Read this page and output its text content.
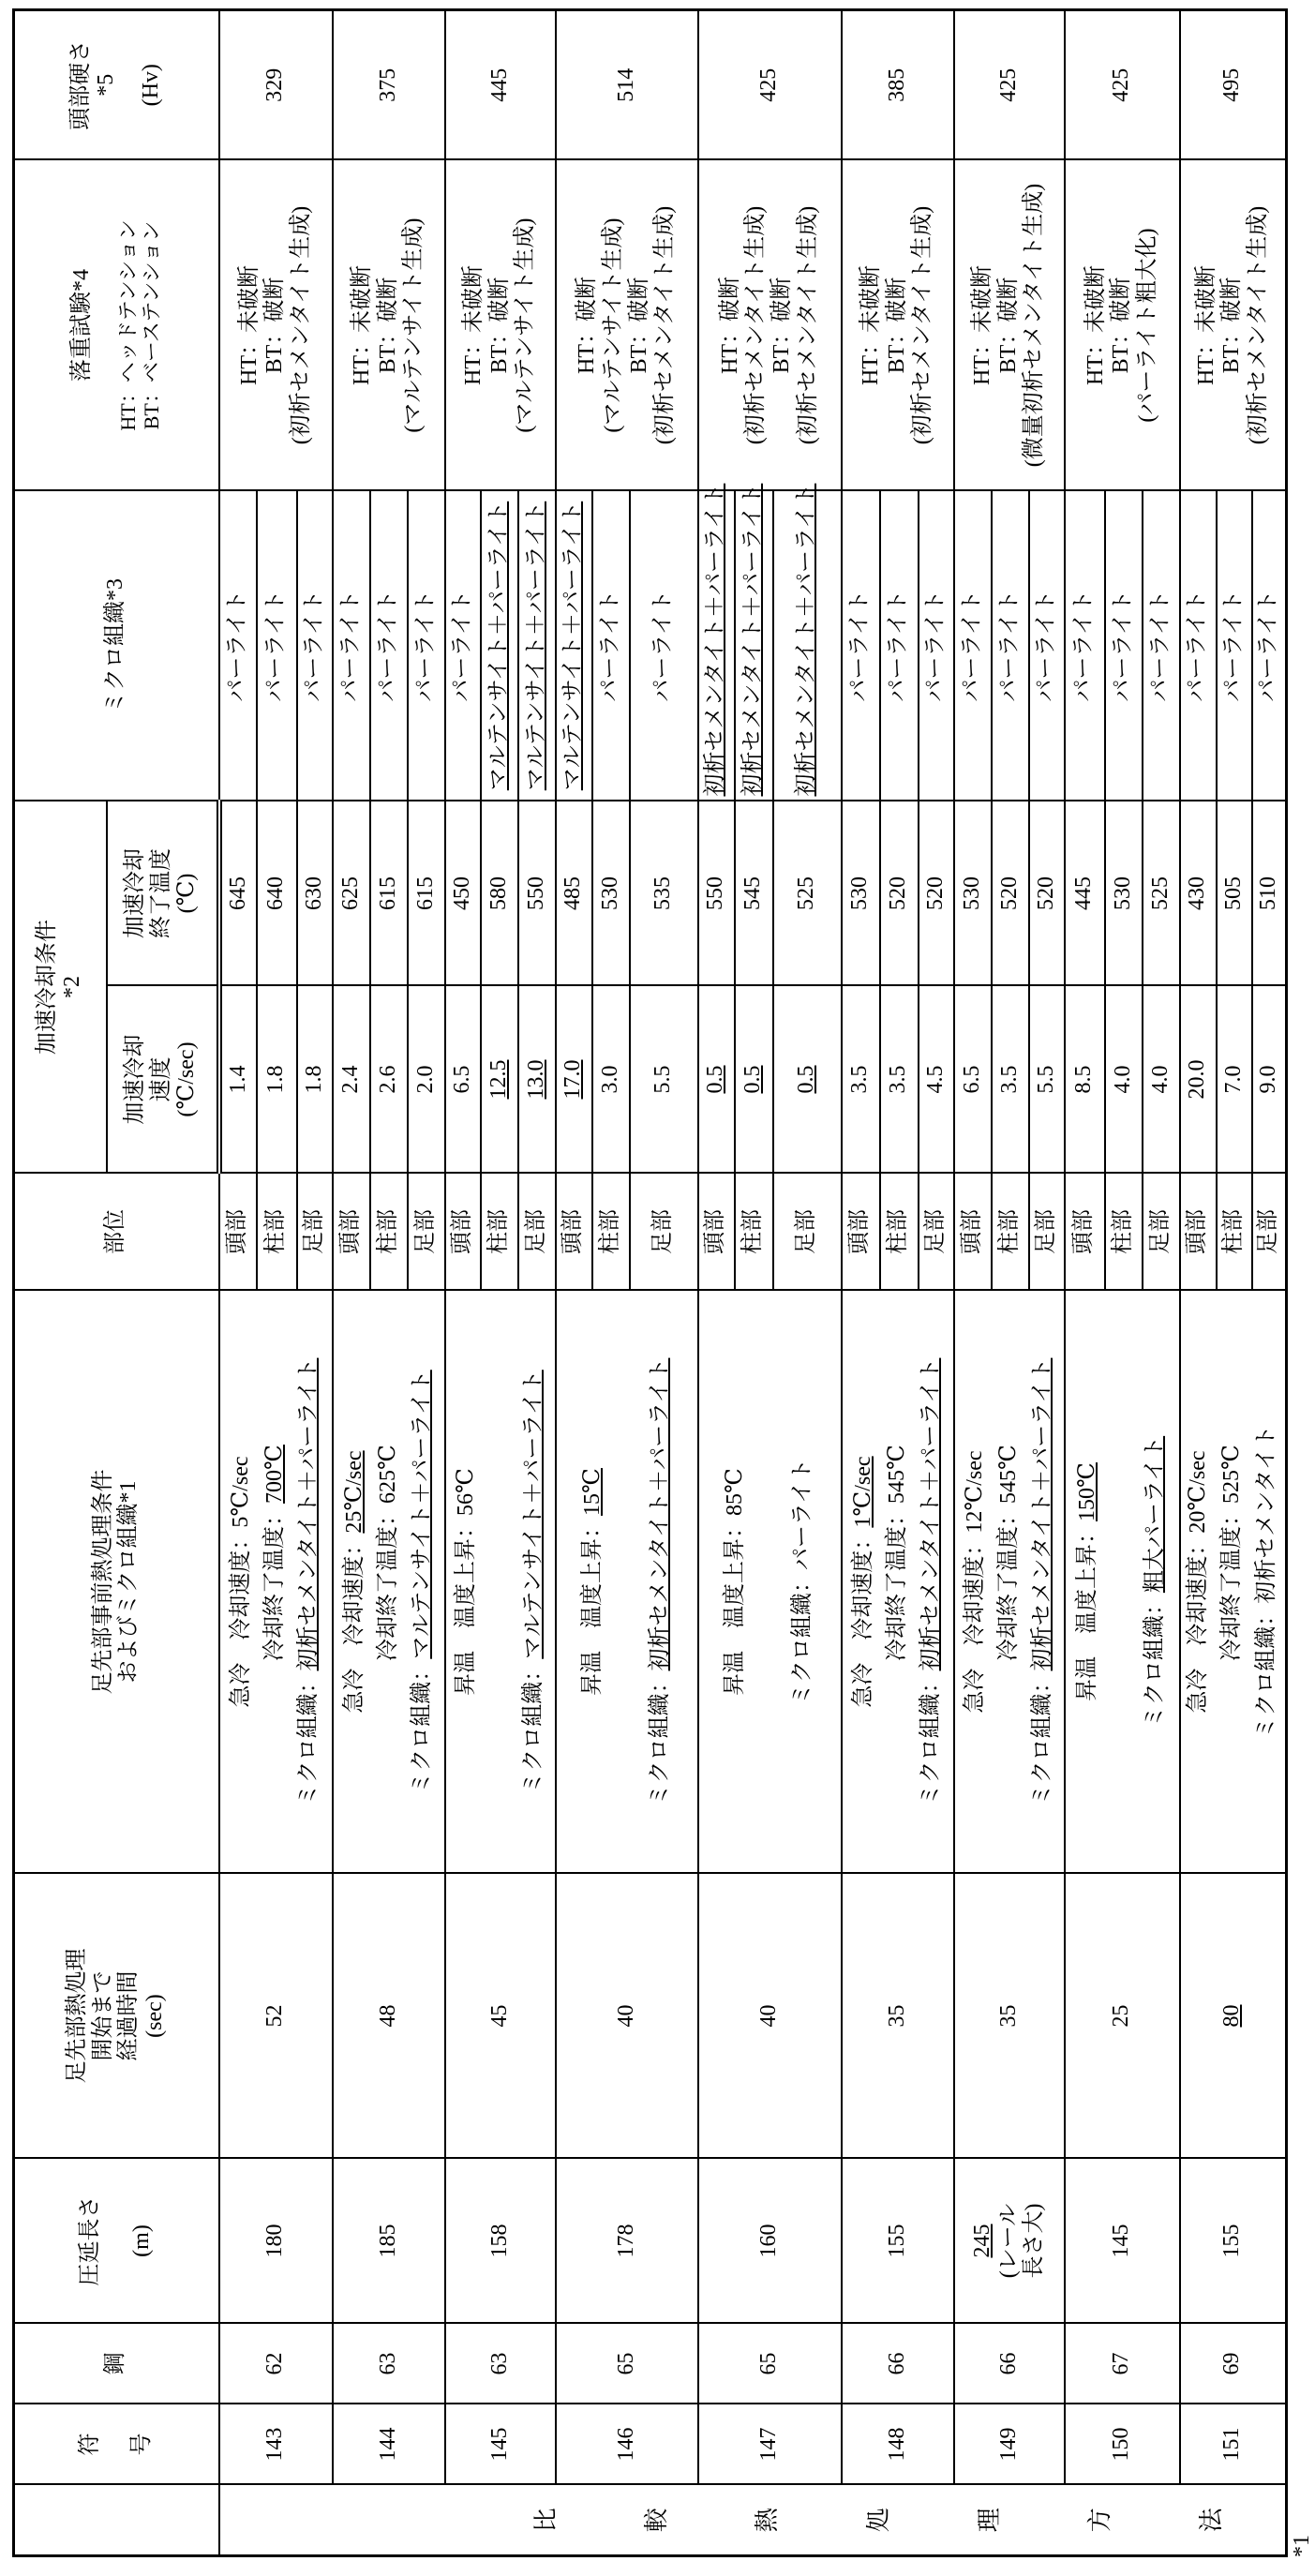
符 号
	鋼	
圧延長さ (m)

足先部熱処理 開始まで 経過時間 (sec)

足先部事前熱処理条件 およびミクロ組織*1
	部位	
加速冷却条件 *2
	ミクロ組織*3	
落重試験*4 HT：ヘッドテンション BT：ベーステンション

頭部硬さ *5 (Hv)

加速冷却 速度 (℃/sec)

加速冷却 終了温度 (℃)

比	較	熱	処	理	方	法
	143	62	180	52	
急冷　冷却速度：5℃/sec
冷却終了温度：700℃
ミクロ組織：初析セメンタイト＋パーライト
	頭部	1.4	645	パーライト	
HT：未破断 BT：破断 (初析セメンタイト生成)
	329
柱部	1.8	640	パーライト
足部	1.8	630	パーライト
144	63	185	48	
急冷　冷却速度：25℃/sec
冷却終了温度：625℃
ミクロ組織：マルテンサイト＋パーライト
	頭部	2.4	625	パーライト	
HT：未破断 BT：破断 (マルテンサイト生成)
	375
柱部	2.6	615	パーライト
足部	2.0	615	パーライト
145	63	158	45	
昇温　温度上昇：56℃
ミクロ組織：マルテンサイト＋パーライト
	頭部	6.5	450	パーライト	
HT：未破断 BT：破断 (マルテンサイト生成)
	445
柱部	12.5	580	マルテンサイト＋パーライト
足部	13.0	550	マルテンサイト＋パーライト
146	65	178	40	
昇温　温度上昇：15℃
ミクロ組織：初析セメンタイト＋パーライト
	頭部	17.0	485	マルテンサイト＋パーライト	
HT：破断 (マルテンサイト生成) BT：破断 (初析セメンタイト生成)
	514
柱部	3.0	530	パーライト
足部	5.5	535	パーライト
147	65	160	40	
昇温　温度上昇：85℃
ミクロ組織：パーライト
	頭部	0.5	550	初析セメンタイト＋パーライト	
HT：破断 (初析セメンタイト生成) BT：破断 (初析セメンタイト生成)
	425
柱部	0.5	545	初析セメンタイト＋パーライト
足部	0.5	525	初析セメンタイト＋パーライト
148	66	155	35	
急冷　冷却速度：1℃/sec
冷却終了温度：545℃
ミクロ組織：初析セメンタイト＋パーライト
	頭部	3.5	530	パーライト	
HT：未破断 BT：破断 (初析セメンタイト生成)
	385
柱部	3.5	520	パーライト
足部	4.5	520	パーライト
149	66	245
(レール
長さ大)	35	
急冷　冷却速度：12℃/sec
冷却終了温度：545℃
ミクロ組織：初析セメンタイト＋パーライト
	頭部	6.5	530	パーライト	
HT：未破断 BT：破断 (微量初析セメンタイト生成)
	425
柱部	3.5	520	パーライト
足部	5.5	520	パーライト
150	67	145	25	
昇温　温度上昇：150℃
ミクロ組織：粗大パーライト
	頭部	8.5	445	パーライト	
HT：未破断 BT：破断 (パーライト粗大化)
	425
柱部	4.0	530	パーライト
足部	4.0	525	パーライト
151	69	155	80	
急冷　冷却速度：20℃/sec
冷却終了温度：525℃
ミクロ組織：初析セメンタイト
	頭部	20.0	430	パーライト	
HT：未破断 BT：破断 (初析セメンタイト生成)
	495
柱部	7.0	505	パーライト
足部	9.0	510	パーライト
*1
